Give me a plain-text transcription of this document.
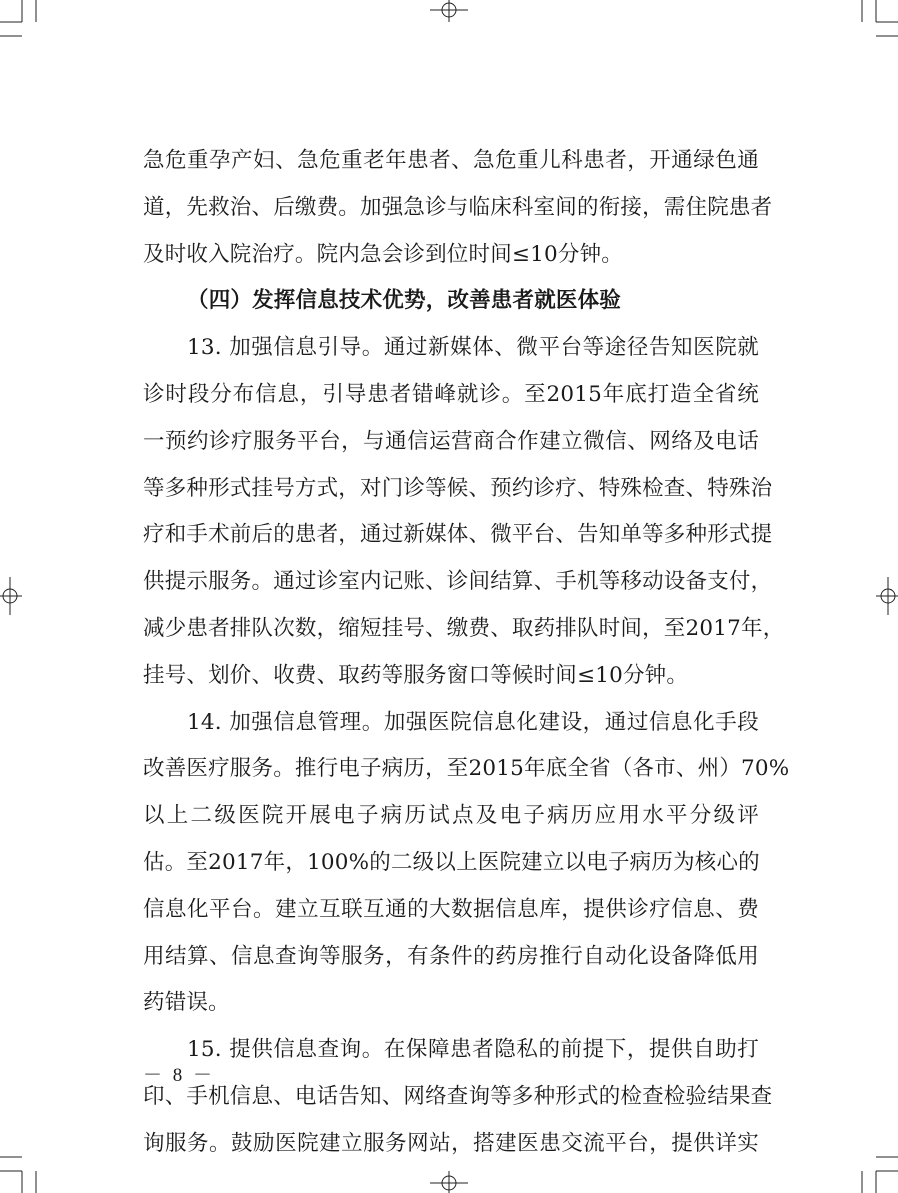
急危重孕产妇、急危重老年患者、急危重儿科患者，开通绿色通
道，先救治、后缴费。加强急诊与临床科室间的衔接，需住院患者
及时收入院治疗。院内急会诊到位时间≤10分钟。
（四）发挥信息技术优势，改善患者就医体验
13. 加强信息引导。通过新媒体、微平台等途径告知医院就
诊时段分布信息，引导患者错峰就诊。至2015年底打造全省统
一预约诊疗服务平台，与通信运营商合作建立微信、网络及电话
等多种形式挂号方式，对门诊等候、预约诊疗、特殊检查、特殊治
疗和手术前后的患者，通过新媒体、微平台、告知单等多种形式提
供提示服务。通过诊室内记账、诊间结算、手机等移动设备支付，
减少患者排队次数，缩短挂号、缴费、取药排队时间，至2017年，
挂号、划价、收费、取药等服务窗口等候时间≤10分钟。
14. 加强信息管理。加强医院信息化建设，通过信息化手段
改善医疗服务。推行电子病历，至2015年底全省（各市、州）70%
以上二级医院开展电子病历试点及电子病历应用水平分级评
估。至2017年，100%的二级以上医院建立以电子病历为核心的
信息化平台。建立互联互通的大数据信息库，提供诊疗信息、费
用结算、信息查询等服务，有条件的药房推行自动化设备降低用
药错误。
15. 提供信息查询。在保障患者隐私的前提下，提供自助打
印、手机信息、电话告知、网络查询等多种形式的检查检验结果查
询服务。鼓励医院建立服务网站，搭建医患交流平台，提供详实
－ 8 －
